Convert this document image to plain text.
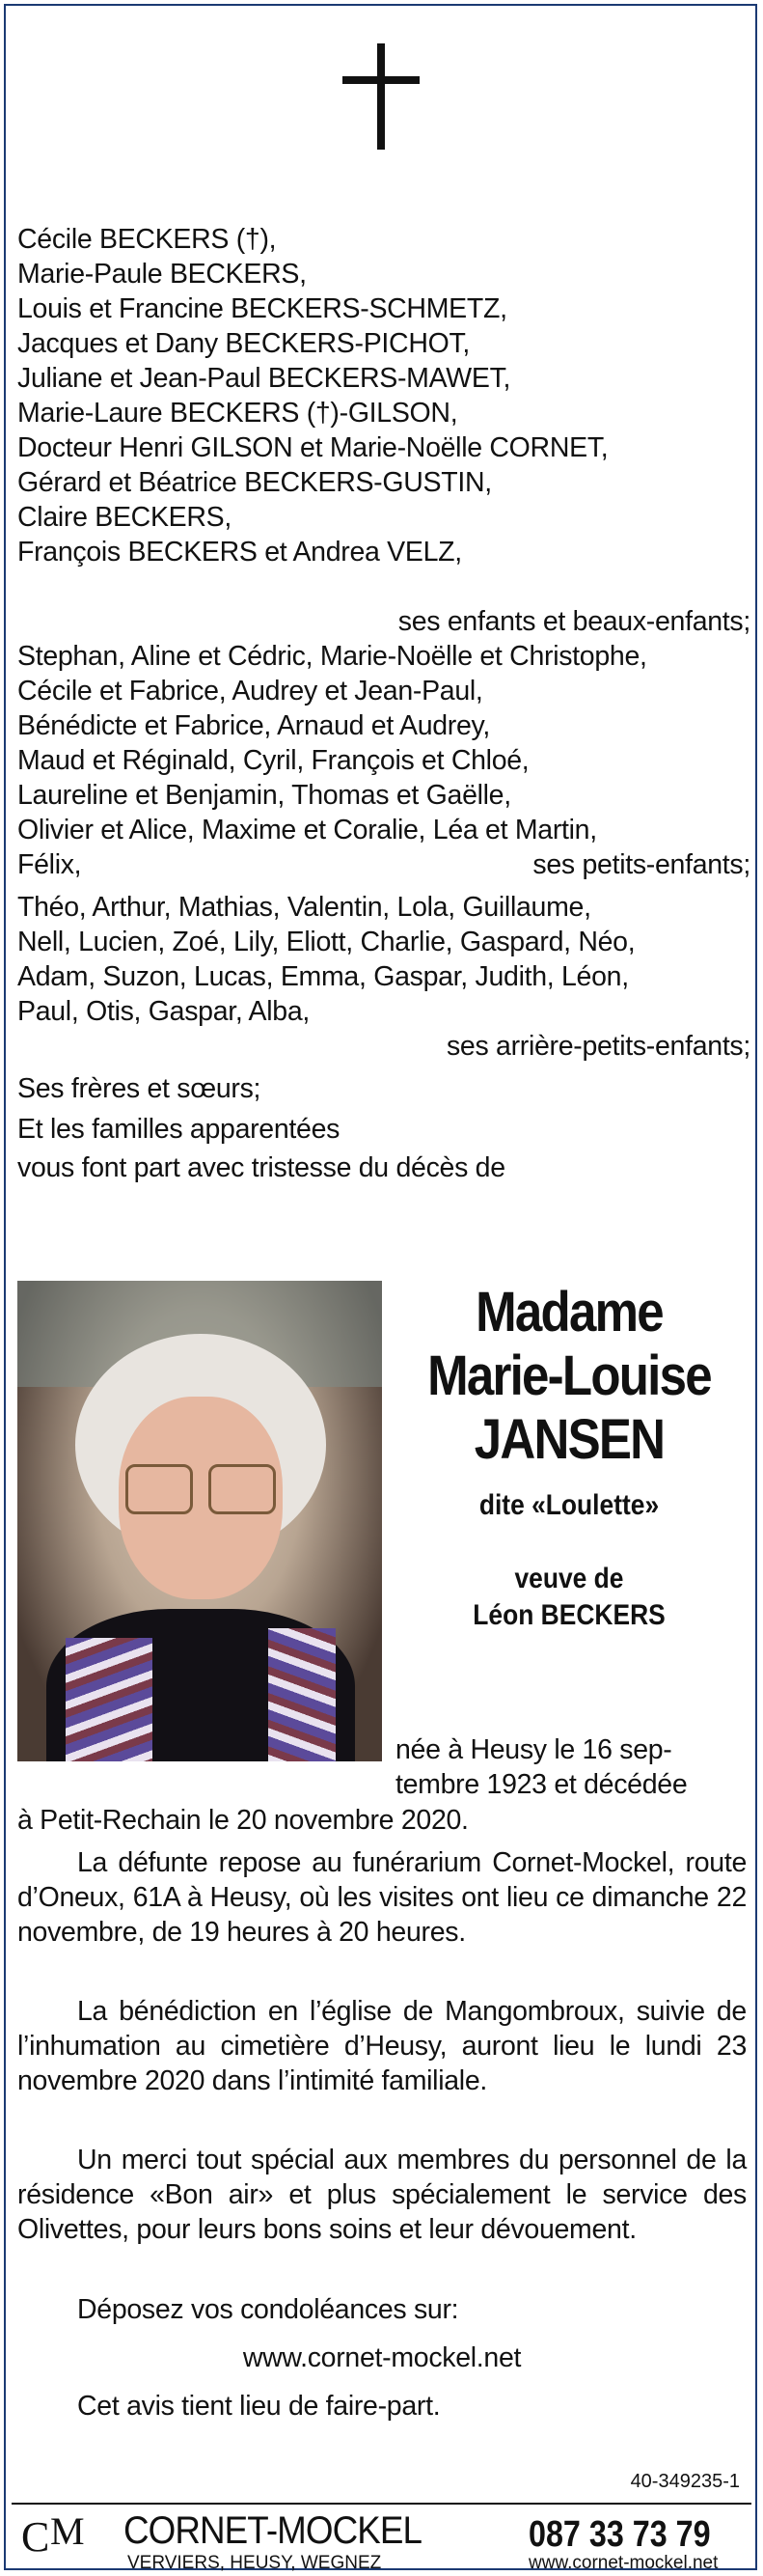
Cécile BECKERS (†),
Marie-Paule BECKERS,
Louis et Francine BECKERS-SCHMETZ,
Jacques et Dany BECKERS-PICHOT,
Juliane et Jean-Paul BECKERS-MAWET,
Marie-Laure BECKERS (†)-GILSON,
Docteur Henri GILSON et Marie-Noëlle CORNET,
Gérard et Béatrice BECKERS-GUSTIN,
Claire BECKERS,
François BECKERS et Andrea VELZ,
ses enfants et beaux-enfants;
Stephan, Aline et Cédric, Marie-Noëlle et Christophe,
Cécile et Fabrice, Audrey et Jean-Paul,
Bénédicte et Fabrice, Arnaud et Audrey,
Maud et Réginald, Cyril, François et Chloé,
Laureline et Benjamin, Thomas et Gaëlle,
Olivier et Alice, Maxime et Coralie, Léa et Martin,
Félix,	ses petits-enfants;
Théo, Arthur, Mathias, Valentin, Lola, Guillaume,
Nell, Lucien, Zoé, Lily, Eliott, Charlie, Gaspard, Néo,
Adam, Suzon, Lucas, Emma, Gaspar, Judith, Léon,
Paul, Otis, Gaspar, Alba,
ses arrière-petits-enfants;
Ses frères et sœurs;
Et les familles apparentées
vous font part avec tristesse du décès de
Madame
Marie-Louise
JANSEN
dite «Loulette»
veuve de
Léon BECKERS
née à Heusy le 16 sep-
tembre 1923 et décédée
à Petit-Rechain le 20 novembre 2020.
La défunte repose au funérarium Cornet-Mockel, route d’Oneux, 61A à Heusy, où les visites ont lieu ce dimanche 22 novembre, de 19 heures à 20 heures.
La bénédiction en l’église de Mangombroux, suivie de l’inhumation au cimetière d’Heusy, auront lieu le lundi 23 novembre 2020 dans l’intimité familiale.
Un merci tout spécial aux membres du personnel de la résidence «Bon air» et plus spécialement le service des Olivettes, pour leurs bons soins et leur dévouement.
Déposez vos condoléances sur:
www.cornet-mockel.net
Cet avis tient lieu de faire-part.
40-349235-1
C M CORNET-MOCKEL	087 33 73 79
VERVIERS, HEUSY, WEGNEZ	www.cornet-mockel.net
